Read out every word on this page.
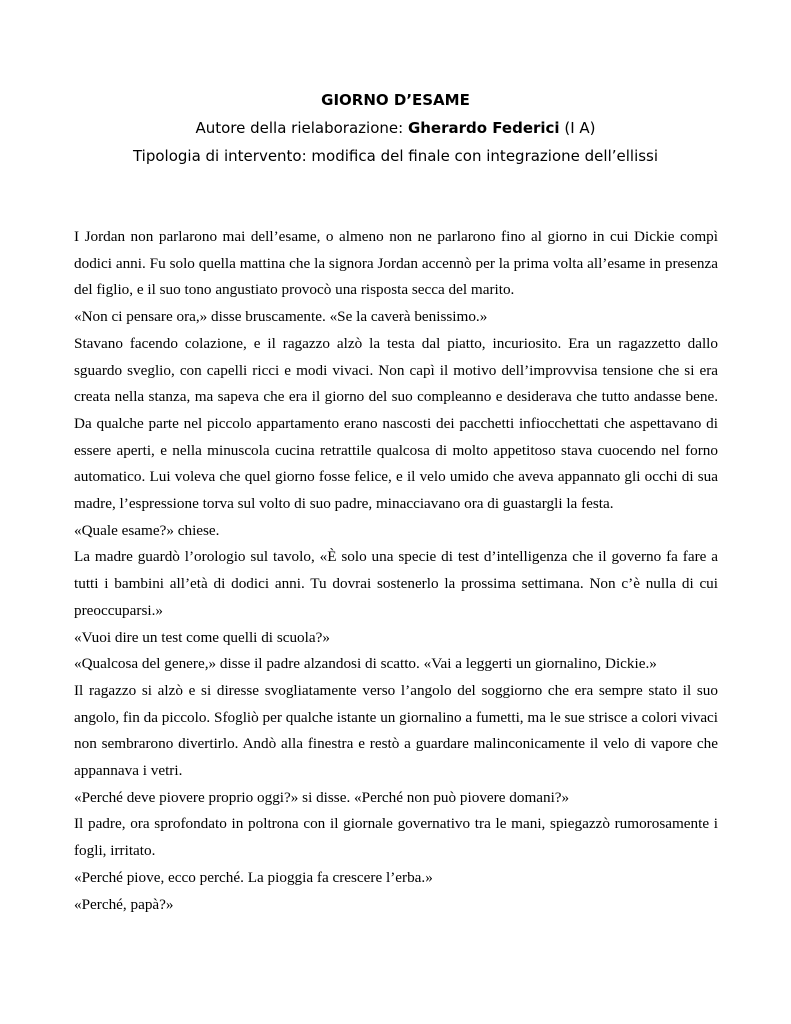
GIORNO D’ESAME
Autore della rielaborazione: Gherardo Federici (I A)
Tipologia di intervento: modifica del finale con integrazione dell’ellissi

I Jordan non parlarono mai dell’esame, o almeno non ne parlarono fino al giorno in cui Dickie compì dodici anni. Fu solo quella mattina che la signora Jordan accennò per la prima volta all’esame in presenza del figlio, e il suo tono angustiato provocò una risposta secca del marito.

«Non ci pensare ora,» disse bruscamente. «Se la caverà benissimo.»

Stavano facendo colazione, e il ragazzo alzò la testa dal piatto, incuriosito. Era un ragazzetto dallo sguardo sveglio, con capelli ricci e modi vivaci. Non capì il motivo dell’improvvisa tensione che si era creata nella stanza, ma sapeva che era il giorno del suo compleanno e desiderava che tutto andasse bene. Da qualche parte nel piccolo appartamento erano nascosti dei pacchetti infiocchettati che aspettavano di essere aperti, e nella minuscola cucina retrattile qualcosa di molto appetitoso stava cuocendo nel forno automatico. Lui voleva che quel giorno fosse felice, e il velo umido che aveva appannato gli occhi di sua madre, l’espressione torva sul volto di suo padre, minacciavano ora di guastargli la festa.

«Quale esame?» chiese.

La madre guardò l’orologio sul tavolo, «È solo una specie di test d’intelligenza che il governo fa fare a tutti i bambini all’età di dodici anni. Tu dovrai sostenerlo la prossima settimana. Non c’è nulla di cui preoccuparsi.»

«Vuoi dire un test come quelli di scuola?»

«Qualcosa del genere,» disse il padre alzandosi di scatto. «Vai a leggerti un giornalino, Dickie.»

Il ragazzo si alzò e si diresse svogliatamente verso l’angolo del soggiorno che era sempre stato il suo angolo, fin da piccolo. Sfogliò per qualche istante un giornalino a fumetti, ma le sue strisce a colori vivaci non sembrarono divertirlo. Andò alla finestra e restò a guardare malinconicamente il velo di vapore che appannava i vetri.

«Perché deve piovere proprio oggi?» si disse. «Perché non può piovere domani?»

Il padre, ora sprofondato in poltrona con il giornale governativo tra le mani, spiegazzò rumorosamente i fogli, irritato.

«Perché piove, ecco perché. La pioggia fa crescere l’erba.»

«Perché, papà?»
